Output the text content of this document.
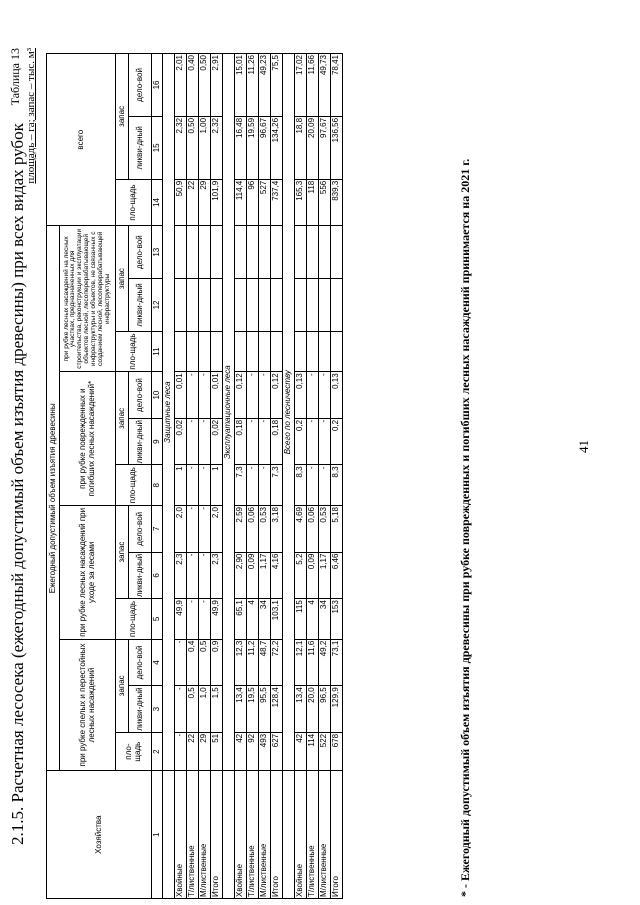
2.1.5. Расчетная лесосека (ежегодный допустимый объем изъятия древесины) при всех видах рубок
Таблица 13 площадь – га; запас – тыс. м³
Хозяйства	Ежегодный допустимый объем изъятия древесины												всего		
	при рубке спелых и перестойных лесных насаждений			при рубке лесных насаждений при уходе за лесами			при рубке поврежденных и погибших лесных насаждений*			при рубке лесных насаждений на лесных участках, предназначенных для строительства, реконструкции и эксплуатации объектов лесной, лесоперерабатывающей инфраструктуры и объектов, не связанных с созданием лесной, лесоперерабатывающей инфраструктуры					
	пло-щадь	запас		пло-щадь	запас		пло-щадь	запас		пло-щадь	запас		пло-щадь	запас	
		ликви-дный	дело-вой		ликви-дный	дело-вой		ликви-дный	дело-вой		ликви-дный	дело-вой		ликви-дный	дело-вой
1	2	3	4	5	6	7	8	9	10	11	12	13	14	15	16
	Защитные леса														
Хвойные	-	-	-	49,9	2,3	2,0	1	0,02	0,01				50,9	2,32	2,01
Т/лиственные	22	0,5	0,4	-	-	-	-	-	-				22	0,50	0,40
М/лиственные	29	1,0	0,5	-	-	-	-	-	-				29	1,00	0,50
Итого	51	1,5	0,9	49,9	2,3	2,0	1	0,02	0,01				101,9	2,32	2,91
	Эксплуатационные леса														
Хвойные	42	13,4	12,3	65,1	2,90	2,59	7,3	0,18	0,12				114,4	16,48	15,01
Т/лиственные	92	19,5	11,2	4	0,09	0,06	-	-	-				96	19,59	11,26
М/лиственные	493	95,5	48,7	34	1,17	0,53	-	-	-				527	96,67	49,23
Итого	627	128,4	72,2	103,1	4,16	3,18	7,3	0,18	0,12				737,4	134,26	75,5
	Всего по лесничеству														
Хвойные	42	13,4	12,1	115	5,2	4,69	8,3	0,2	0,13				165,3	18,8	17,02
Т/лиственные	114	20,0	11,6	4	0,09	0,06	-	-	-				118	20,09	11,66
М/лиственные	522	96,5	49,2	34	1,17	0,53	-	-	-				556	97,67	49,73
Итого	678	129,9	73,1	153	6,46	5,18	8,3	0,2	0,13				839,3	136,56	78,41
* - Ежегодный допустимый объем изъятия древесины при рубке поврежденных и погибших лесных насаждений принимается на 2021 г.	41
